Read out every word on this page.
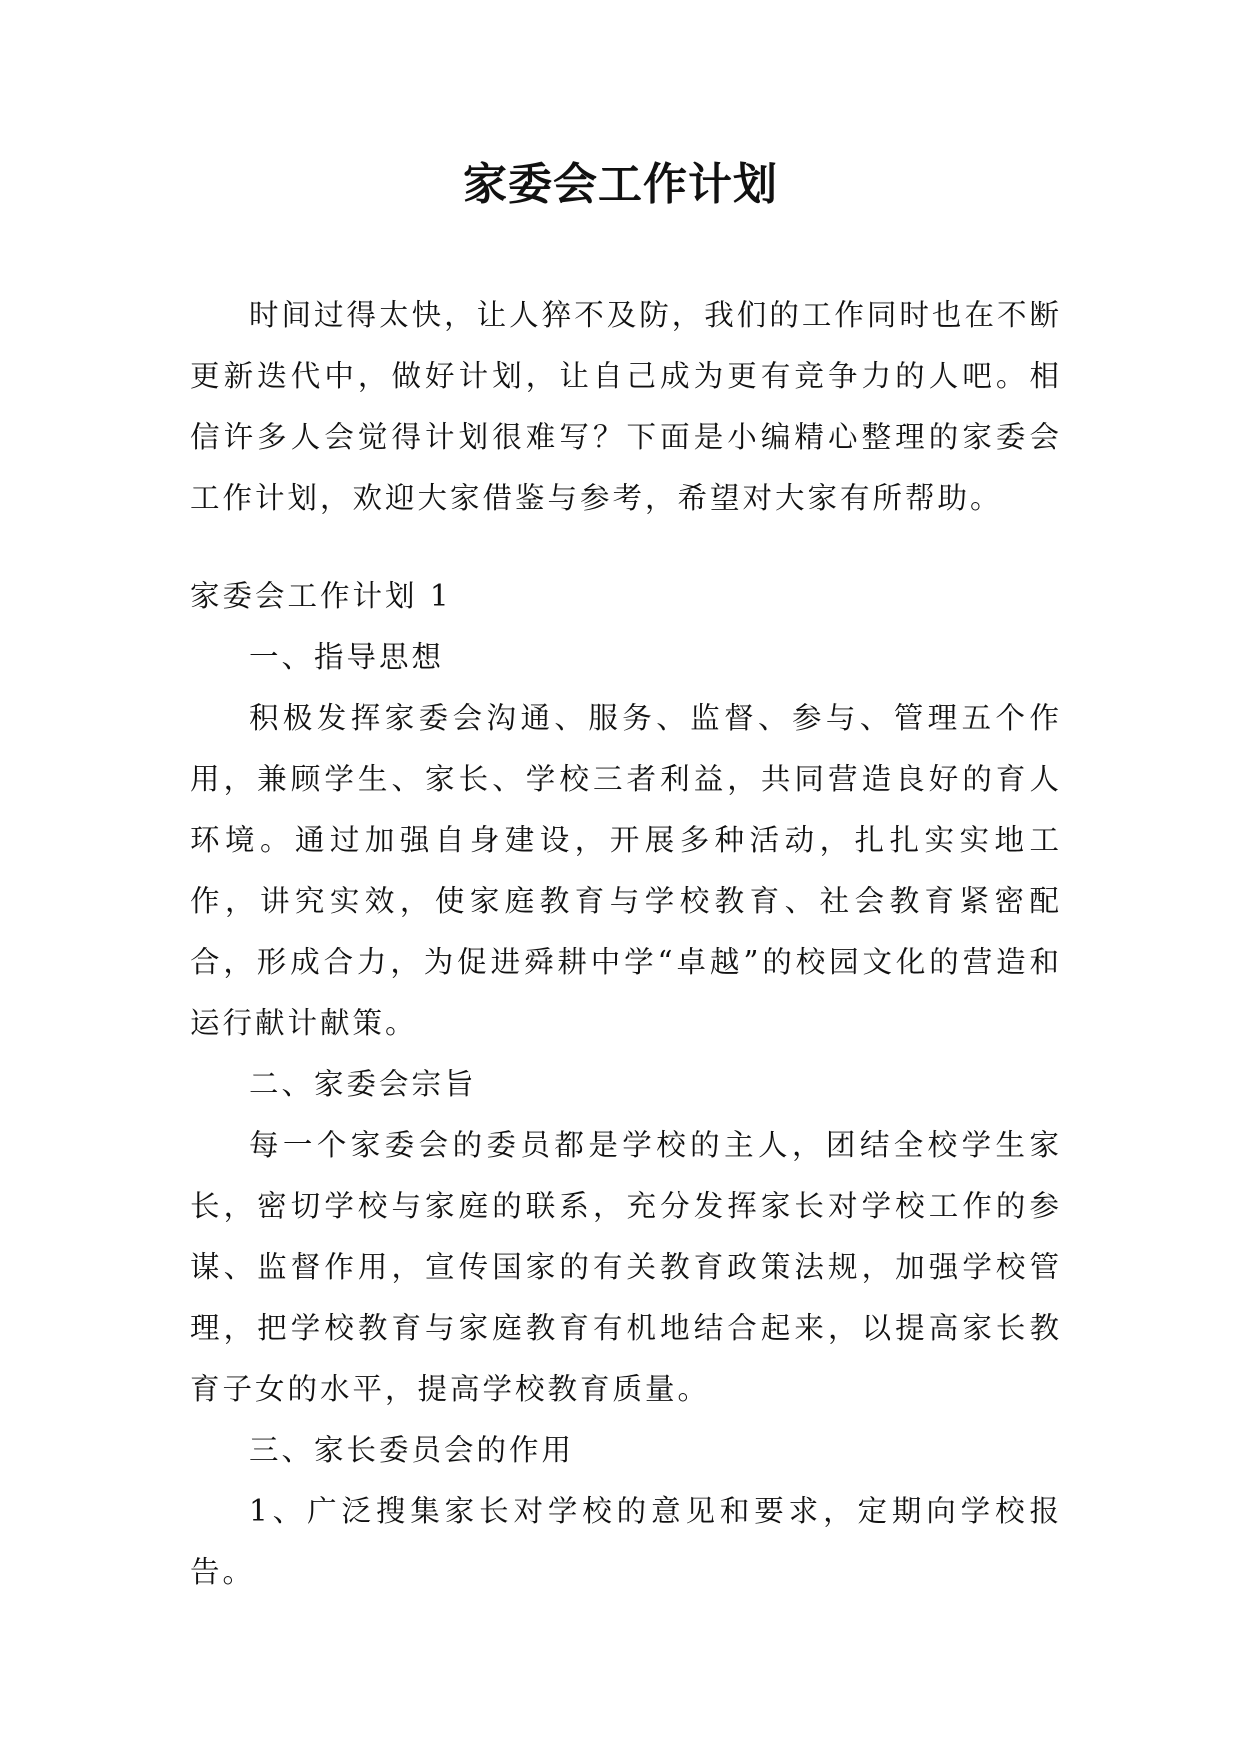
家委会工作计划

时间过得太快，让人猝不及防，我们的工作同时也在不断更新迭代中，做好计划，让自己成为更有竞争力的人吧。相信许多人会觉得计划很难写？下面是小编精心整理的家委会工作计划，欢迎大家借鉴与参考，希望对大家有所帮助。

家委会工作计划 1

一、指导思想

积极发挥家委会沟通、服务、监督、参与、管理五个作用，兼顾学生、家长、学校三者利益，共同营造良好的育人环境。通过加强自身建设，开展多种活动，扎扎实实地工作，讲究实效，使家庭教育与学校教育、社会教育紧密配合，形成合力，为促进舜耕中学“卓越”的校园文化的营造和运行献计献策。

二、家委会宗旨

每一个家委会的委员都是学校的主人，团结全校学生家长，密切学校与家庭的联系，充分发挥家长对学校工作的参谋、监督作用，宣传国家的有关教育政策法规，加强学校管理，把学校教育与家庭教育有机地结合起来，以提高家长教育子女的水平，提高学校教育质量。

三、家长委员会的作用

1、广泛搜集家长对学校的意见和要求，定期向学校报告。
